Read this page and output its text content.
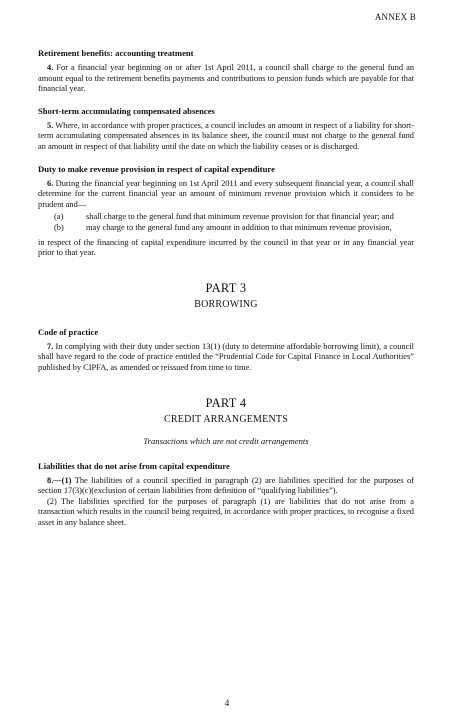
ANNEX B
Retirement benefits: accounting treatment

4. For a financial year beginning on or after 1st April 2011, a council shall charge to the general fund an amount equal to the retirement benefits payments and contributions to pension funds which are payable for that financial year.

Short-term accumulating compensated absences

5. Where, in accordance with proper practices, a council includes an amount in respect of a liability for short-term accumulating compensated absences in its balance sheet, the council must not charge to the general fund an amount in respect of that liability until the date on which the liability ceases or is discharged.

Duty to make revenue provision in respect of capital expenditure

6. During the financial year beginning on 1st April 2011 and every subsequent financial year, a council shall determine for the current financial year an amount of minimum revenue provision which it considers to be prudent and—

(a)	shall charge to the general fund that minimum revenue provision for that financial year; and
(b)	may charge to the general fund any amount in addition to that minimum revenue provision,

in respect of the financing of capital expenditure incurred by the council in that year or in any financial year prior to that year.

PART 3
BORROWING
Code of practice

7. In complying with their duty under section 13(1) (duty to determine affordable borrowing limit), a council shall have regard to the code of practice entitled the “Prudential Code for Capital Finance in Local Authorities” published by CIPFA, as amended or reissued from time to time.

PART 4
CREDIT ARRANGEMENTS
Transactions which are not credit arrangements
Liabilities that do not arise from capital expenditure

8.—(1) The liabilities of a council specified in paragraph (2) are liabilities specified for the purposes of section 17(3)(c)(exclusion of certain liabilities from definition of “qualifying liabilities”).

(2) The liabilities specified for the purposes of paragraph (1) are liabilities that do not arise from a transaction which results in the council being required, in accordance with proper practices, to recognise a fixed asset in any balance sheet.

4
